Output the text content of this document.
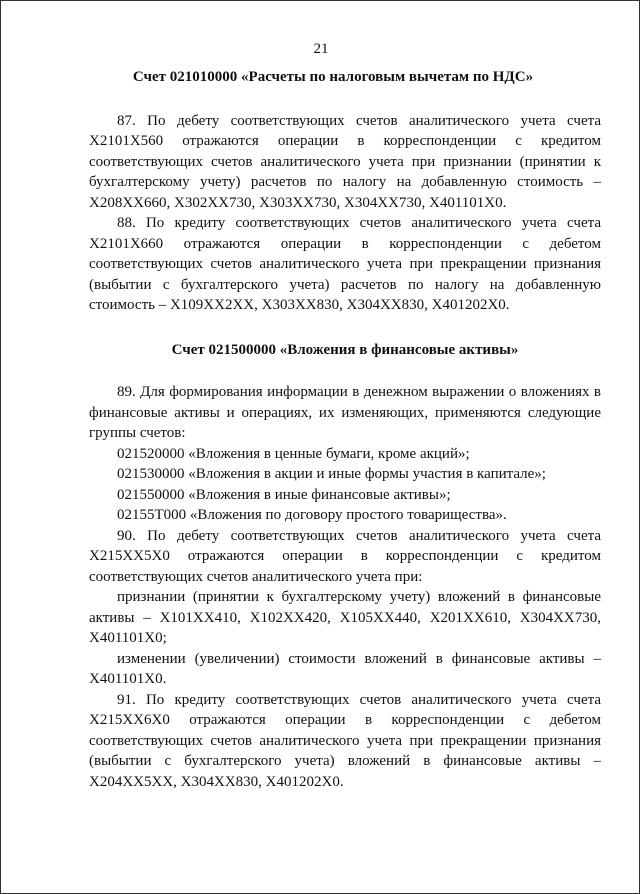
21
Счет 021010000 «Расчеты по налоговым вычетам по НДС»

87. По дебету соответствующих счетов аналитического учета счета X2101X560 отражаются операции в корреспонденции с кредитом соответствующих счетов аналитического учета при признании (принятии к бухгалтерскому учету) расчетов по налогу на добавленную стоимость – X208XX660, X302XX730, X303XX730, X304XX730, X401101X0.

88. По кредиту соответствующих счетов аналитического учета счета X2101X660 отражаются операции в корреспонденции с дебетом соответствующих счетов аналитического учета при прекращении признания (выбытии с бухгалтерского учета) расчетов по налогу на добавленную стоимость – X109XX2XX, X303XX830, X304XX830, X401202X0.

Счет 021500000 «Вложения в финансовые активы»

89. Для формирования информации в денежном выражении о вложениях в финансовые активы и операциях, их изменяющих, применяются следующие группы счетов:

021520000 «Вложения в ценные бумаги, кроме акций»;

021530000 «Вложения в акции и иные формы участия в капитале»;

021550000 «Вложения в иные финансовые активы»;

02155T000 «Вложения по договору простого товарищества».

90. По дебету соответствующих счетов аналитического учета счета X215XX5X0 отражаются операции в корреспонденции с кредитом соответствующих счетов аналитического учета при:

признании (принятии к бухгалтерскому учету) вложений в финансовые активы – X101XX410, X102XX420, X105XX440, X201XX610, X304XX730, X401101X0;

изменении (увеличении) стоимости вложений в финансовые активы – X401101X0.

91. По кредиту соответствующих счетов аналитического учета счета X215XX6X0 отражаются операции в корреспонденции с дебетом соответствующих счетов аналитического учета при прекращении признания (выбытии с бухгалтерского учета) вложений в финансовые активы – X204XX5XX, X304XX830, X401202X0.
